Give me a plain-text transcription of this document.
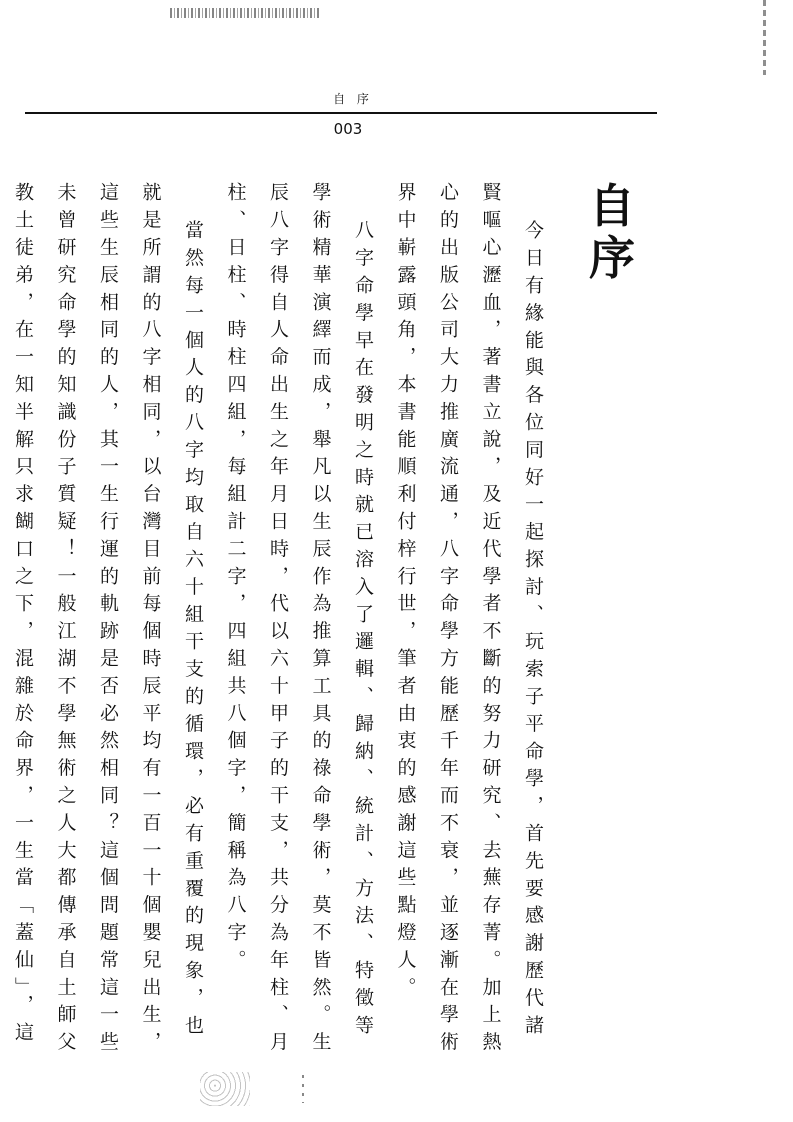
自 序
003
自序

今日有緣能與各位同好一起探討、玩索子平命學，首先要感謝歷代諸賢嘔心瀝血，著書立說，及近代學者不斷的努力研究、去蕪存菁。加上熱心的出版公司大力推廣流通，八字命學方能歷千年而不衰，並逐漸在學術界中嶄露頭角，本書能順利付梓行世，筆者由衷的感謝這些點燈人。

八字命學早在發明之時就已溶入了邏輯、歸納、統計、方法、特徵等學術精華演繹而成，舉凡以生辰作為推算工具的祿命學術，莫不皆然。生辰八字得自人命出生之年月日時，代以六十甲子的干支，共分為年柱、月柱、日柱、時柱四組，每組計二字，四組共八個字，簡稱為八字。

當然每一個人的八字均取自六十組干支的循環，必有重覆的現象，也就是所謂的八字相同，以台灣目前每個時辰平均有一百一十個嬰兒出生，這些生辰相同的人，其一生行運的軌跡是否必然相同？這個問題常這一些未曾研究命學的知識份子質疑！一般江湖不學無術之人大都傳承自土師父教土徒弟，在一知半解只求餬口之下，混雜於命界，一生當「蓋仙」，這
